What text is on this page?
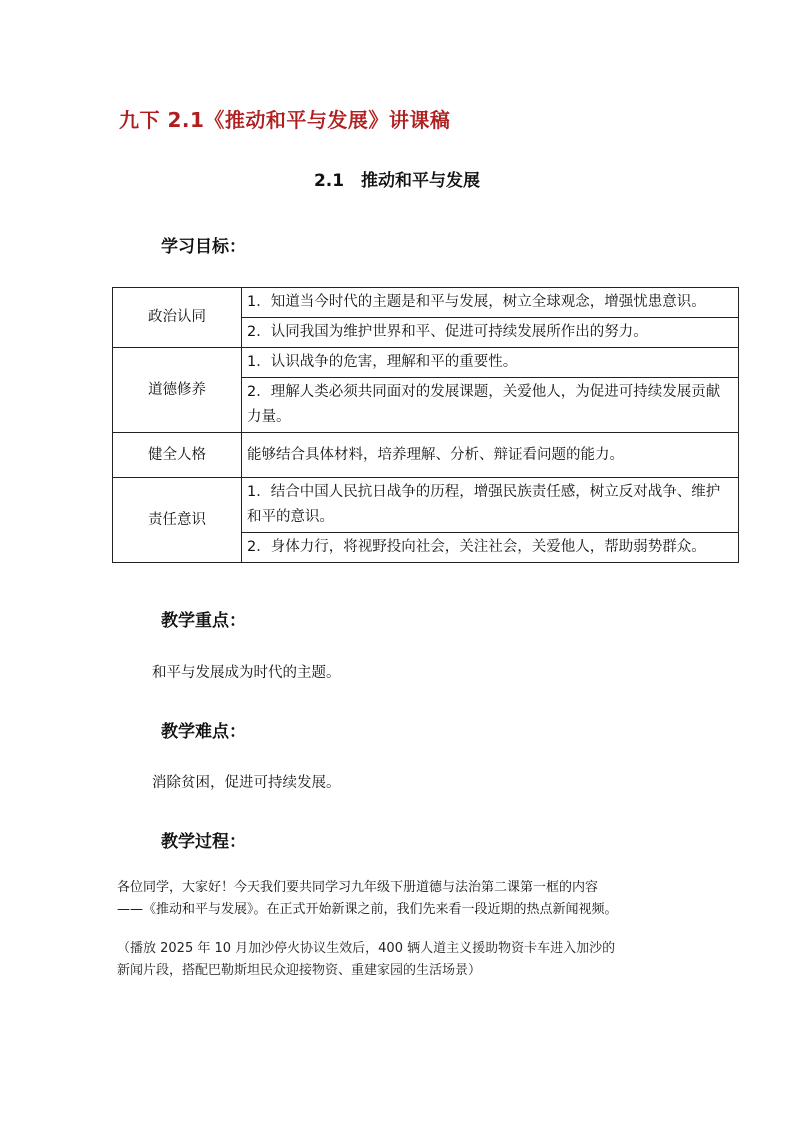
九下 2.1《推动和平与发展》讲课稿
2.1　推动和平与发展
学习目标：
政治认同	1．知道当今时代的主题是和平与发展，树立全球观念，增强忧患意识。
	2．认同我国为维护世界和平、促进可持续发展所作出的努力。
道德修养	1．认识战争的危害，理解和平的重要性。
	2．理解人类必须共同面对的发展课题，关爱他人，为促进可持续发展贡献力量。
健全人格	能够结合具体材料，培养理解、分析、辩证看问题的能力。
责任意识	1．结合中国人民抗日战争的历程，增强民族责任感，树立反对战争、维护和平的意识。
	2．身体力行，将视野投向社会，关注社会，关爱他人，帮助弱势群众。
教学重点：
和平与发展成为时代的主题。
教学难点：
消除贫困，促进可持续发展。
教学过程：
各位同学，大家好！今天我们要共同学习九年级下册道德与法治第二课第一框的内容
——《推动和平与发展》。在正式开始新课之前，我们先来看一段近期的热点新闻视频。
（播放 2025 年 10 月加沙停火协议生效后，400 辆人道主义援助物资卡车进入加沙的
新闻片段，搭配巴勒斯坦民众迎接物资、重建家园的生活场景）
